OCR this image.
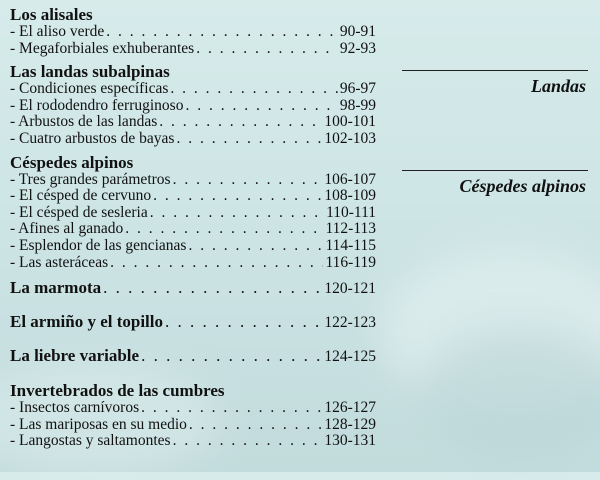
Los alisales
- El aliso verde . . .	90-91
- Megaforbiales exhuberantes . . .	92-93
Las landas subalpinas
- Condiciones específicas . . .	96-97
- El rododendro ferruginoso . . .	98-99
- Arbustos de las landas . . .	100-101
- Cuatro arbustos de bayas . . .	102-103
Céspedes alpinos
- Tres grandes parámetros . . .	106-107
- El césped de cervuno . . .	108-109
- El césped de sesleria . . .	110-111
- Afines al ganado . . .	112-113
- Esplendor de las gencianas . . .	114-115
- Las asteráceas . . .	116-119
La marmota . . .	120-121
El armiño y el topillo . . .	122-123
La liebre variable . . .	124-125
Invertebrados de las cumbres
- Insectos carnívoros . . .	126-127
- Las mariposas en su medio . . .	128-129
- Langostas y saltamontes . . .	130-131
Landas
Céspedes alpinos
